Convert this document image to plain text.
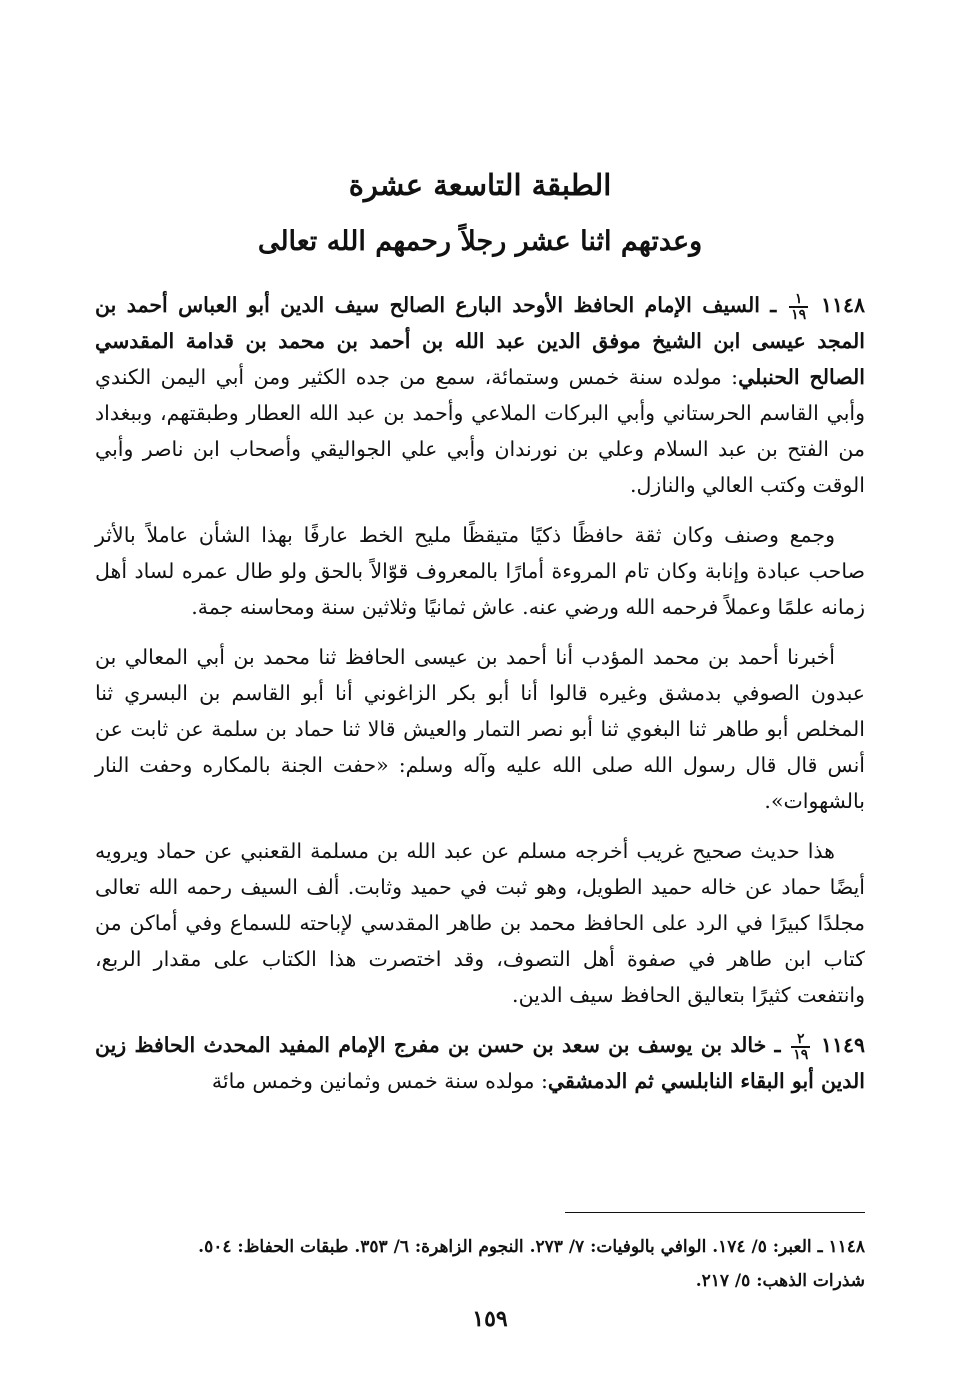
الطبقة التاسعة عشرة
وعدتهم اثنا عشر رجلاً رحمهم الله تعالى

١١٤٨
$\frac{١}{١٩}$
ـ السيف الإمام الحافظ الأوحد البارع الصالح سيف الدين أبو العباس أحمد بن المجد عيسى ابن الشيخ موفق الدين عبد الله بن أحمد بن محمد بن قدامة المقدسي الصالح الحنبلي: مولده سنة خمس وستمائة، سمع من جده الكثير ومن أبي اليمن الكندي وأبي القاسم الحرستاني وأبي البركات الملاعي وأحمد بن عبد الله العطار وطبقتهم، وببغداد من الفتح بن عبد السلام وعلي بن نورندان وأبي علي الجواليقي وأصحاب ابن ناصر وأبي الوقت وكتب العالي والنازل.

وجمع وصنف وكان ثقة حافظًا ذكيًا متيقظًا مليح الخط عارفًا بهذا الشأن عاملاً بالأثر صاحب عبادة وإنابة وكان تام المروءة أمارًا بالمعروف قوّالاً بالحق ولو طال عمره لساد أهل زمانه علمًا وعملاً فرحمه الله ورضي عنه. عاش ثمانيًا وثلاثين سنة ومحاسنه جمة.

أخبرنا أحمد بن محمد المؤدب أنا أحمد بن عيسى الحافظ ثنا محمد بن أبي المعالي بن عبدون الصوفي بدمشق وغيره قالوا أنا أبو بكر الزاغوني أنا أبو القاسم بن البسري ثنا المخلص أبو طاهر ثنا البغوي ثنا أبو نصر التمار والعيش قالا ثنا حماد بن سلمة عن ثابت عن أنس قال قال رسول الله صلى الله عليه وآله وسلم: «حفت الجنة بالمكاره وحفت النار بالشهوات».

هذا حديث صحيح غريب أخرجه مسلم عن عبد الله بن مسلمة القعنبي عن حماد ويرويه أيضًا حماد عن خاله حميد الطويل، وهو ثبت في حميد وثابت. ألف السيف رحمه الله تعالى مجلدًا كبيرًا في الرد على الحافظ محمد بن طاهر المقدسي لإباحته للسماع وفي أماكن من كتاب ابن طاهر في صفوة أهل التصوف، وقد اختصرت هذا الكتاب على مقدار الربع، وانتفعت كثيرًا بتعاليق الحافظ سيف الدين.

١١٤٩
$\frac{٢}{١٩}$
ـ خالد بن يوسف بن سعد بن حسن بن مفرج الإمام المفيد المحدث الحافظ زين الدين أبو البقاء النابلسي ثم الدمشقي: مولده سنة خمس وثمانين وخمس مائة

١١٤٨ ـ العبر: ٥/ ١٧٤. الوافي بالوفيات: ٧/ ٢٧٣. النجوم الزاهرة: ٦/ ٣٥٣. طبقات الحفاظ: ٥٠٤.

شذرات الذهب: ٥/ ٢١٧.

١٥٩
